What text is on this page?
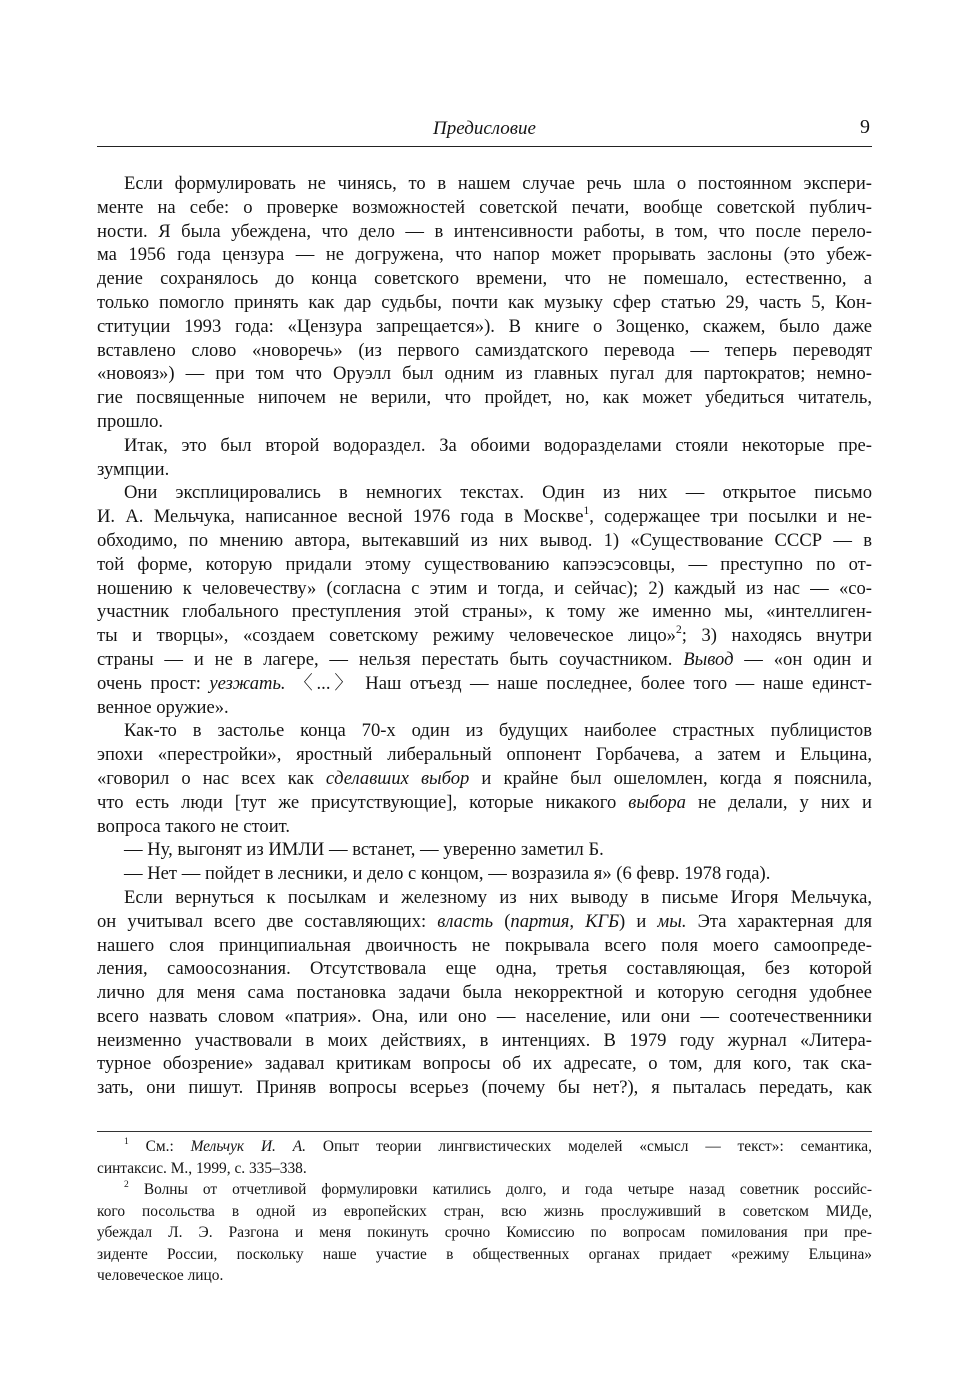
Предисловие	9
Если формулировать не чинясь, то в нашем случае речь шла о постоянном экспери-
менте на себе: о проверке возможностей советской печати, вообще советской публич-
ности. Я была убеждена, что дело — в интенсивности работы, в том, что после перело-
ма 1956 года цензура — не догружена, что напор может прорывать заслоны (это убеж-
дение сохранялось до конца советского времени, что не помешало, естественно, а
только помогло принять как дар судьбы, почти как музыку сфер статью 29, часть 5, Кон-
ституции 1993 года: «Цензура запрещается»). В книге о Зощенко, скажем, было даже
вставлено слово «новоречь» (из первого самиздатского перевода — теперь переводят
«новояз») — при том что Оруэлл был одним из главных пугал для партократов; немно-
гие посвященные нипочем не верили, что пройдет, но, как может убедиться читатель,
прошло.
Итак, это был второй водораздел. За обоими водоразделами стояли некоторые пре-
зумпции.
Они эксплицировались в немногих текстах. Один из них — открытое письмо
И. А. Мельчука, написанное весной 1976 года в Москве$^1$, содержащее три посылки и не-
обходимо, по мнению автора, вытекавший из них вывод. 1) «Существование СССР — в
той форме, которую придали этому существованию капээсэсовцы, — преступно по от-
ношению к человечеству» (согласна с этим и тогда, и сейчас); 2) каждый из нас — «со-
участник глобального преступления этой страны», к тому же именно мы, «интеллиген-
ты и творцы», «создаем советскому режиму человеческое лицо»$^2$; 3) находясь внутри
страны — и не в лагере, — нельзя перестать быть соучастником. Вывод — «он один и
очень прост: уезжать. 〈...〉 Наш отъезд — наше последнее, более того — наше единст-
венное оружие».
Как-то в застолье конца 70-х один из будущих наиболее страстных публицистов
эпохи «перестройки», яростный либеральный оппонент Горбачева, а затем и Ельцина,
«говорил о нас всех как сделавших выбор и крайне был ошеломлен, когда я пояснила,
что есть люди [тут же присутствующие], которые никакого выбора не делали, у них и
вопроса такого не стоит.
— Ну, выгонят из ИМЛИ — встанет, — уверенно заметил Б.
— Нет — пойдет в лесники, и дело с концом, — возразила я» (6 февр. 1978 года).
Если вернуться к посылкам и железному из них выводу в письме Игоря Мельчука,
он учитывал всего две составляющих: власть (партия, КГБ) и мы. Эта характерная для
нашего слоя принципиальная двоичность не покрывала всего поля моего самоопреде-
ления, самоосознания. Отсутствовала еще одна, третья составляющая, без которой
лично для меня сама постановка задачи была некорректной и которую сегодня удобнее
всего назвать словом «патрия». Она, или оно — население, или они — соотечественники
неизменно участвовали в моих действиях, в интенциях. В 1979 году журнал «Литера-
турное обозрение» задавал критикам вопросы об их адресате, о том, для кого, так ска-
зать, они пишут. Приняв вопросы всерьез (почему бы нет?), я пыталась передать, как
$^1$ См.: Мельчук И. А. Опыт теории лингвистических моделей «смысл — текст»: семантика,
синтаксис. М., 1999, с. 335–338.
$^2$ Волны от отчетливой формулировки катились долго, и года четыре назад советник российс-
кого посольства в одной из европейских стран, всю жизнь прослуживший в советском МИДе,
убеждал Л. Э. Разгона и меня покинуть срочно Комиссию по вопросам помилования при пре-
зиденте России, поскольку наше участие в общественных органах придает «режиму Ельцина»
человеческое лицо.
